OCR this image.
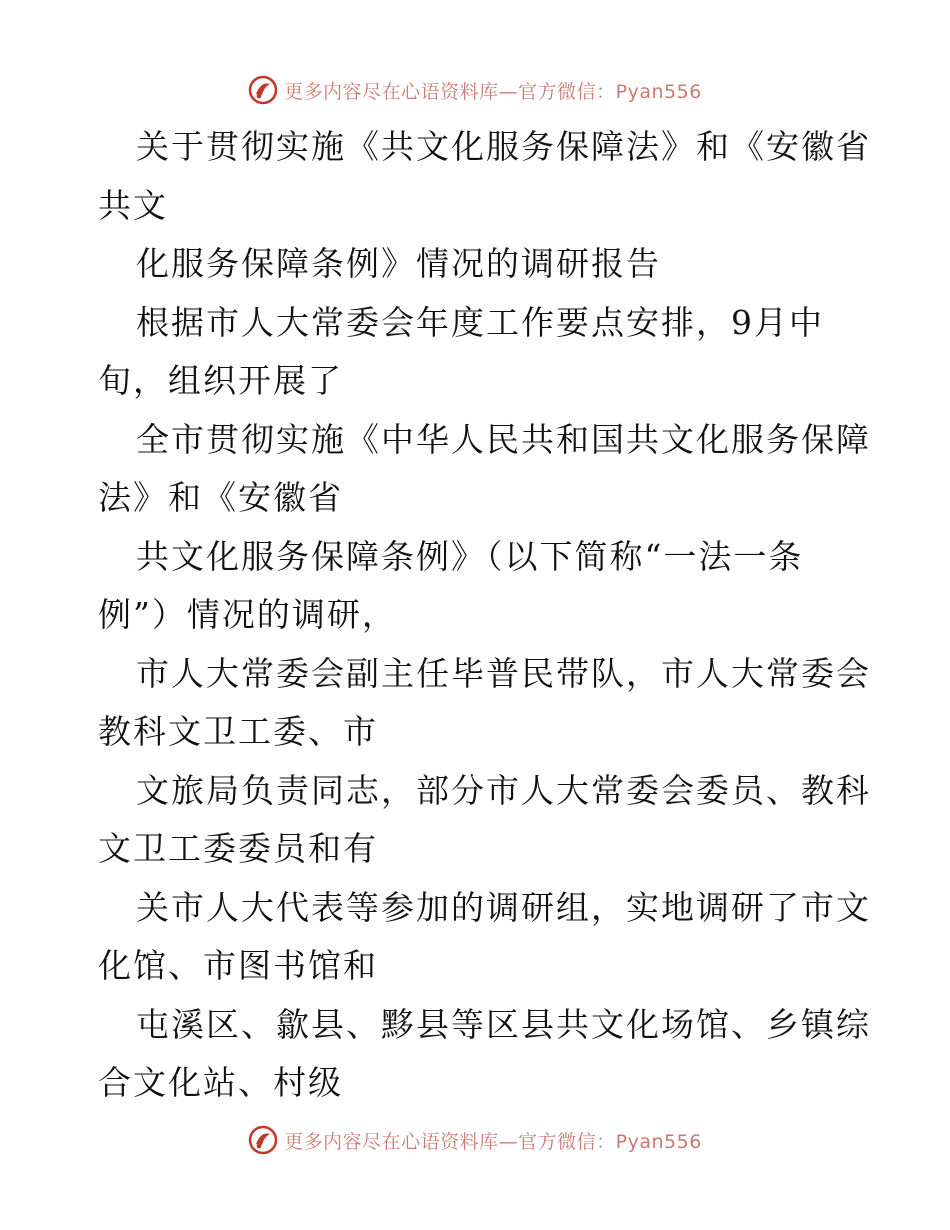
更多内容尽在心语资料库—官方微信：Pyan556
关于贯彻实施《共文化服务保障法》和《安徽省
共文
化服务保障条例》情况的调研报告
根据市人大常委会年度工作要点安排，9月中
旬，组织开展了
全市贯彻实施《中华人民共和国共文化服务保障
法》和《安徽省
共文化服务保障条例》（以下简称“一法一条
例”）情况的调研，
市人大常委会副主任毕普民带队，市人大常委会
教科文卫工委、市
文旅局负责同志，部分市人大常委会委员、教科
文卫工委委员和有
关市人大代表等参加的调研组，实地调研了市文
化馆、市图书馆和
屯溪区、歙县、黟县等区县共文化场馆、乡镇综
合文化站、村级
更多内容尽在心语资料库—官方微信：Pyan556
